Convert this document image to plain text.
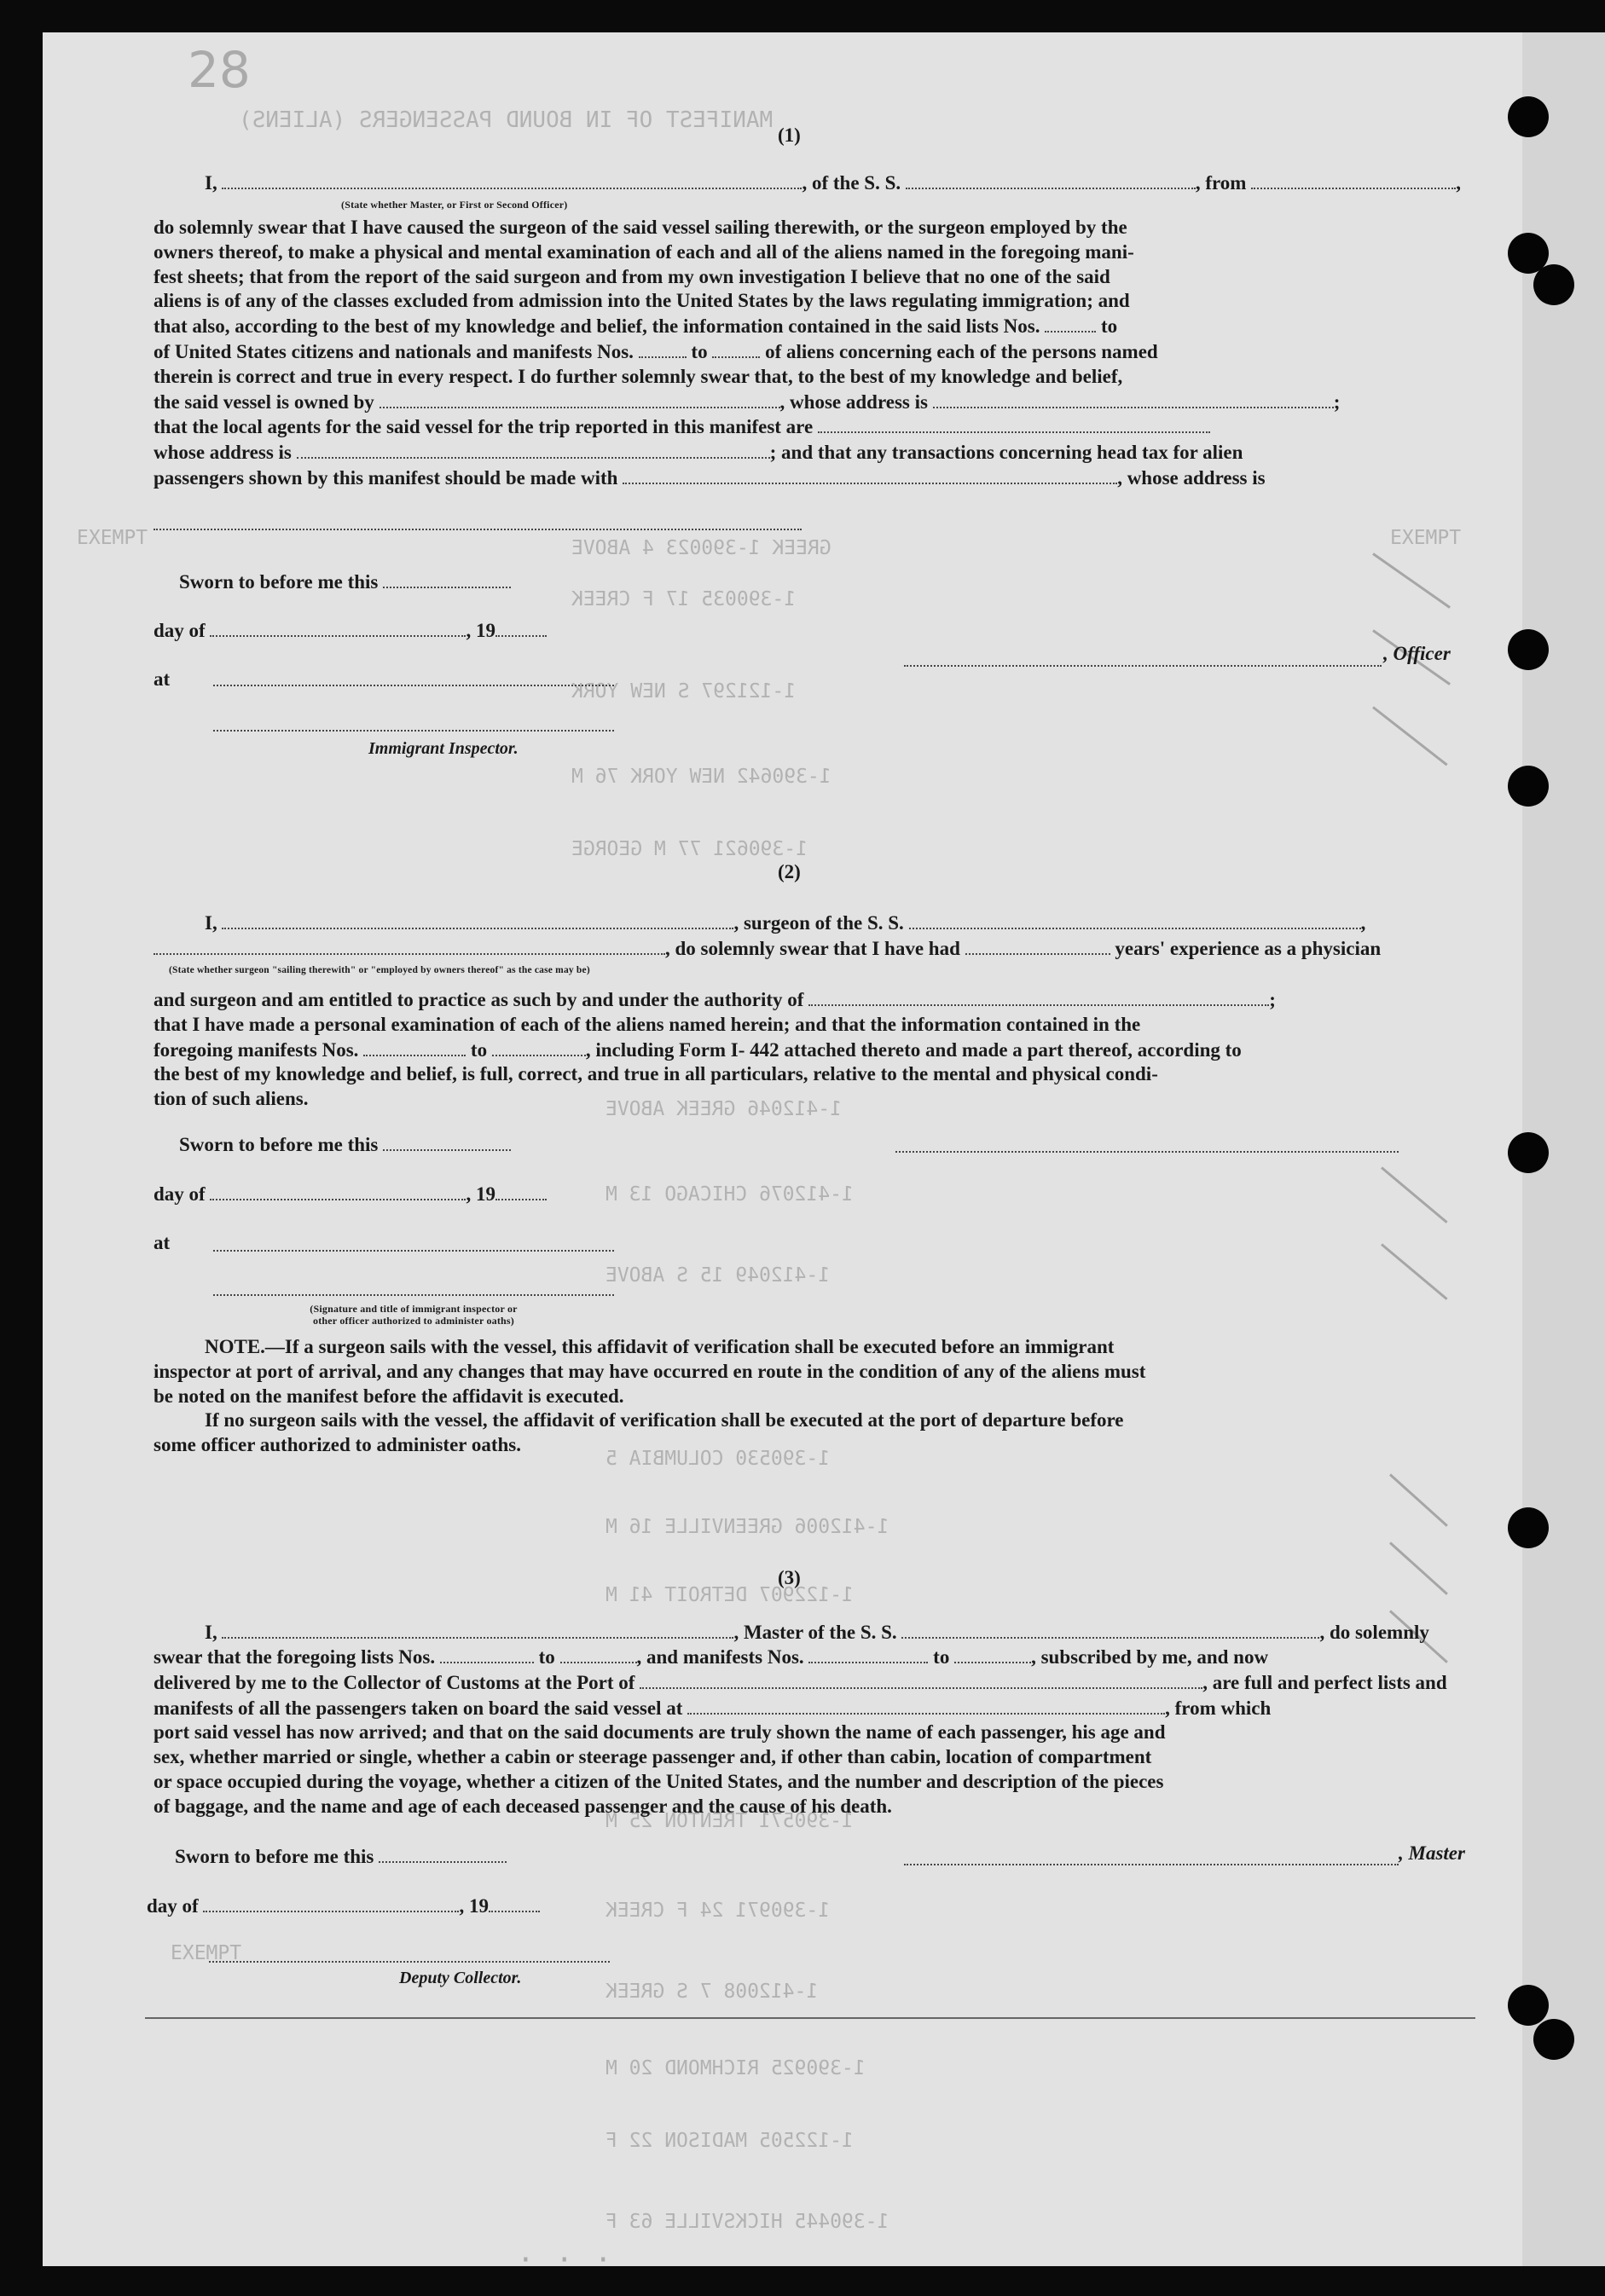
MANIFEST OF IN BOUND PASSENGERS (ALIENS)
GREEK 1-390023 4 ABOVE
1-390035 17 F CREEK
1-121297 S NEW YORK
1-390642 NEW YORK 76 M
1-390621 77 M GEORGE
1-412046 GREEK ABOVE
1-412076 CHICAGO 13 M
1-412049 15 S ABOVE
1-390530 COLUMBIA 5
1-412006 GREENVILLE 16 M
1-122907 DETROIT 41 M
1-390571 TRENTON 25 M
1-390971 24 F CREEK
1-412008 7 S GREEK
1-390925 RICHMOND 20 M
1-122505 MADISON 22 F
1-390445 HICKSVILLE 63 F
EXEMPT	EXEMPT
EXEMPT
28
(1)
I,	, of the S. S.	, from	,
(State whether Master, or First or Second Officer)
do solemnly swear that I have caused the surgeon of the said vessel sailing therewith, or the surgeon employed by the
owners thereof, to make a physical and mental examination of each and all of the aliens named in the foregoing mani-
fest sheets; that from the report of the said surgeon and from my own investigation I believe that no one of the said
aliens is of any of the classes excluded from admission into the United States by the laws regulating immigration; and
that also, according to the best of my knowledge and belief, the information contained in the said lists Nos.	to
of United States citizens and nationals and manifests Nos.	to	of aliens concerning each of the persons named
therein is correct and true in every respect. I do further solemnly swear that, to the best of my knowledge and belief,
the said vessel is owned by	, whose address is	;
that the local agents for the said vessel for the trip reported in this manifest are
whose address is	; and that any transactions concerning head tax for alien
passengers shown by this manifest should be made with	, whose address is
Sworn to before me this
day of	, 19
at
, Officer
Immigrant Inspector.
(2)
I,	, surgeon of the S. S.	,
, do solemnly swear that I have had	years' experience as a physician
(State whether surgeon "sailing therewith" or "employed by owners thereof" as the case may be)
and surgeon and am entitled to practice as such by and under the authority of	;
that I have made a personal examination of each of the aliens named herein; and that the information contained in the
foregoing manifests Nos.	to	, including Form I- 442 attached thereto and made a part thereof, according to
the best of my knowledge and belief, is full, correct, and true in all particulars, relative to the mental and physical condi-
tion of such aliens.
Sworn to before me this
day of	, 19
at
(Signature and title of immigrant inspector or
other officer authorized to administer oaths)
NOTE.—If a surgeon sails with the vessel, this affidavit of verification shall be executed before an immigrant
inspector at port of arrival, and any changes that may have occurred en route in the condition of any of the aliens must
be noted on the manifest before the affidavit is executed.
If no surgeon sails with the vessel, the affidavit of verification shall be executed at the port of departure before
some officer authorized to administer oaths.
(3)
I,	, Master of the S. S.	, do solemnly
swear that the foregoing lists Nos.	to	, and manifests Nos.	to	, subscribed by me, and now
delivered by me to the Collector of Customs at the Port of	, are full and perfect lists and
manifests of all the passengers taken on board the said vessel at	, from which
port said vessel has now arrived; and that on the said documents are truly shown the name of each passenger, his age and
sex, whether married or single, whether a cabin or steerage passenger and, if other than cabin, location of compartment
or space occupied during the voyage, whether a citizen of the United States, and the number and description of the pieces
of baggage, and the name and age of each deceased passenger and the cause of his death.
Sworn to before me this	, Master
day of	, 19
Deputy Collector.
· · ·
